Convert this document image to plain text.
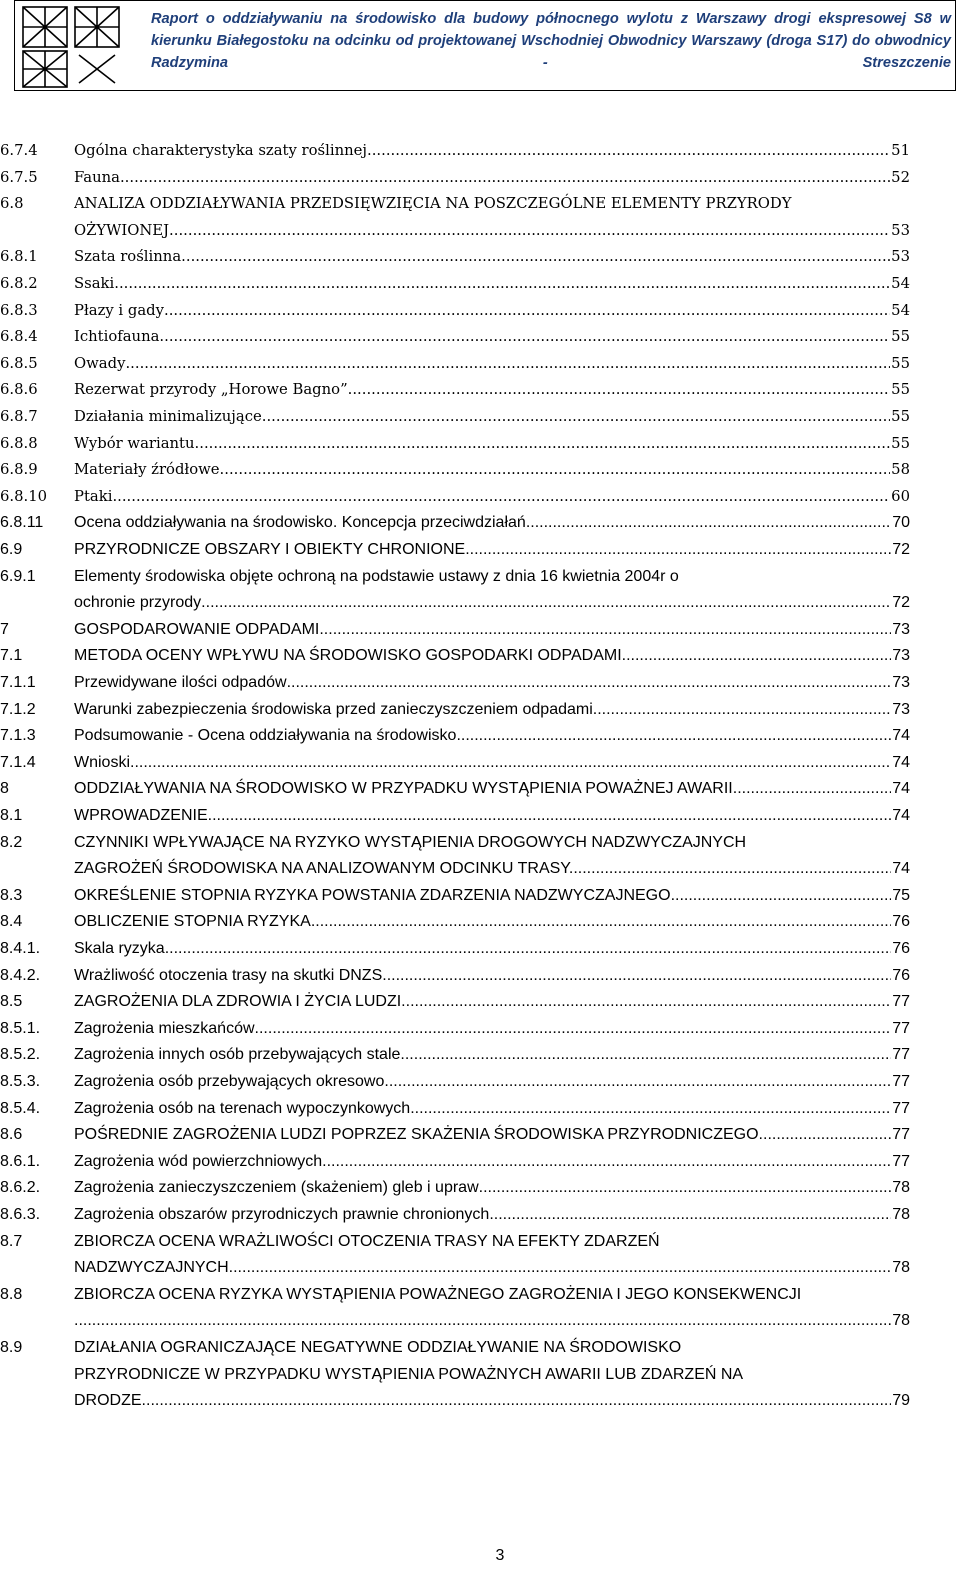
Raport o oddziaływaniu na środowisko dla budowy północnego wylotu z Warszawy drogi ekspresowej S8 w kierunku Białegostoku na odcinku od projektowanej Wschodniej Obwodnicy Warszawy (droga S17) do obwodnicy Radzymina - Streszczenie

6.7.4 Ogólna charakterystyka szaty roślinnej .....	51
6.7.5 Fauna .....	52
6.8	ANALIZA ODDZIAŁYWANIA PRZEDSIĘWZIĘCIA NA POSZCZEGÓLNE ELEMENTY PRZYRODY
OŻYWIONEJ .....	53
6.8.1 Szata roślinna. .....	53
6.8.2 Ssaki .....	54
6.8.3 Płazy i gady .....	54
6.8.4 Ichtiofauna. .....	55
6.8.5 Owady .....	55
6.8.6 Rezerwat przyrody „Horowe Bagno” .....	55
6.8.7 Działania minimalizujące .....	55
6.8.8 Wybór wariantu .....	55
6.8.9 Materiały źródłowe .....	58
6.8.10 Ptaki .....	60
6.8.11 Ocena oddziaływania na środowisko. Koncepcja przeciwdziałań .....	70
6.9	PRZYRODNICZE OBSZARY I OBIEKTY CHRONIONE .....	72
6.9.1 Elementy środowiska objęte ochroną na podstawie ustawy z dnia 16 kwietnia 2004r o
ochronie przyrody .....	72
7	GOSPODAROWANIE ODPADAMI .....	73
7.1	METODA OCENY WPŁYWU NA ŚRODOWISKO GOSPODARKI ODPADAMI .....	73
7.1.1 Przewidywane ilości odpadów .....	73
7.1.2 Warunki zabezpieczenia środowiska przed zanieczyszczeniem odpadami .....	73
7.1.3 Podsumowanie - Ocena oddziaływania na środowisko .....	74
7.1.4 Wnioski .....	74
8	ODDZIAŁYWANIA NA ŚRODOWISKO W PRZYPADKU WYSTĄPIENIA POWAŻNEJ AWARII .....	74
8.1	WPROWADZENIE .....	74
8.2	CZYNNIKI WPŁYWAJĄCE NA RYZYKO WYSTĄPIENIA DROGOWYCH NADZWYCZAJNYCH
ZAGROŻEŃ ŚRODOWISKA NA ANALIZOWANYM ODCINKU TRASY. .....	74
8.3	OKREŚLENIE STOPNIA RYZYKA POWSTANIA ZDARZENIA NADZWYCZAJNEGO .....	75
8.4	OBLICZENIE STOPNIA RYZYKA .....	76
8.4.1. Skala ryzyka .....	76
8.4.2. Wrażliwość otoczenia trasy na skutki DNZS .....	76
8.5	ZAGROŻENIA DLA ZDROWIA I ŻYCIA LUDZI .....	77
8.5.1. Zagrożenia mieszkańców .....	77
8.5.2. Zagrożenia innych osób przebywających stale .....	77
8.5.3. Zagrożenia osób przebywających okresowo .....	77
8.5.4. Zagrożenia osób na terenach wypoczynkowych .....	77
8.6	POŚREDNIE ZAGROŻENIA LUDZI POPRZEZ SKAŻENIA ŚRODOWISKA PRZYRODNICZEGO .....	77
8.6.1. Zagrożenia wód powierzchniowych .....	77
8.6.2. Zagrożenia zanieczyszczeniem (skażeniem) gleb i upraw .....	78
8.6.3. Zagrożenia obszarów przyrodniczych prawnie chronionych .....	78
8.7	ZBIORCZA OCENA WRAŻLIWOŚCI OTOCZENIA TRASY NA EFEKTY ZDARZEŃ
NADZWYCZAJNYCH. .....	78
8.8	ZBIORCZA OCENA RYZYKA WYSTĄPIENIA POWAŻNEGO ZAGROŻENIA I JEGO KONSEKWENCJI
.....
78
8.9	DZIAŁANIA OGRANICZAJĄCE NEGATYWNE ODDZIAŁYWANIE NA ŚRODOWISKO
PRZYRODNICZE W PRZYPADKU WYSTĄPIENIA POWAŻNYCH AWARII LUB ZDARZEŃ NA
DRODZE. .....	79
3
